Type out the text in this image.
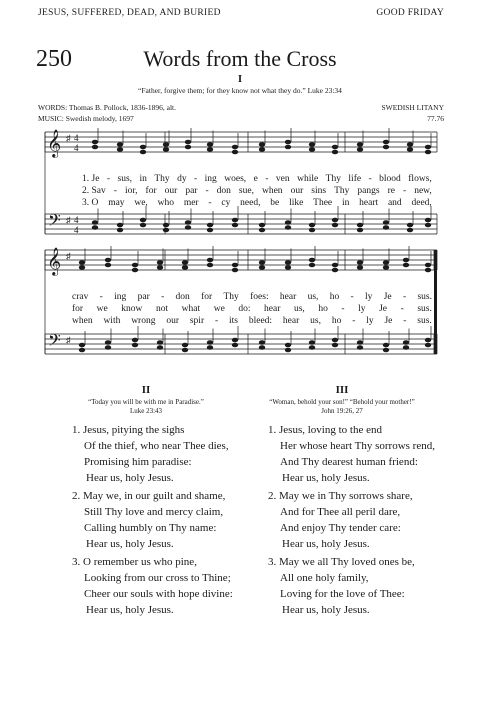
JESUS, SUFFERED, DEAD, AND BURIED	GOOD FRIDAY
250	Words from the Cross
I
“Father, forgive them; for they know not what they do.” Luke 23:34
WORDS: Thomas B. Pollock, 1836-1896, alt.
MUSIC: Swedish melody, 1697
SWEDISH LITANY
77.76
𝄞
𝄞
𝄢
𝄢
♯
♯
♯
♯
4
4
4
4
1. Je - sus, in Thy dy - ing woes, e - ven while Thy life - blood flows,
2. Sav - ior, for our par - don sue, when our sins Thy pangs re - new,
3. O may we, who mer - cy need, be like Thee in heart and deed,
crav - ing par - don for Thy foes: hear us, ho - ly Je - sus.
for we know not what we do: hear us, ho - ly Je - sus.
when with wrong our spir - its bleed: hear us, ho - ly Je - sus.
II
“Today you will be with me in Paradise.”
Luke 23:43
1. Jesus, pitying the sighs
Of the thief, who near Thee dies,
Promising him paradise:
Hear us, holy Jesus.
2. May we, in our guilt and shame,
Still Thy love and mercy claim,
Calling humbly on Thy name:
Hear us, holy Jesus.
3. O remember us who pine,
Looking from our cross to Thine;
Cheer our souls with hope divine:
Hear us, holy Jesus.
III
“Woman, behold your son!” “Behold your mother!”
John 19:26, 27
1. Jesus, loving to the end
Her whose heart Thy sorrows rend,
And Thy dearest human friend:
Hear us, holy Jesus.
2. May we in Thy sorrows share,
And for Thee all peril dare,
And enjoy Thy tender care:
Hear us, holy Jesus.
3. May we all Thy loved ones be,
All one holy family,
Loving for the love of Thee:
Hear us, holy Jesus.
